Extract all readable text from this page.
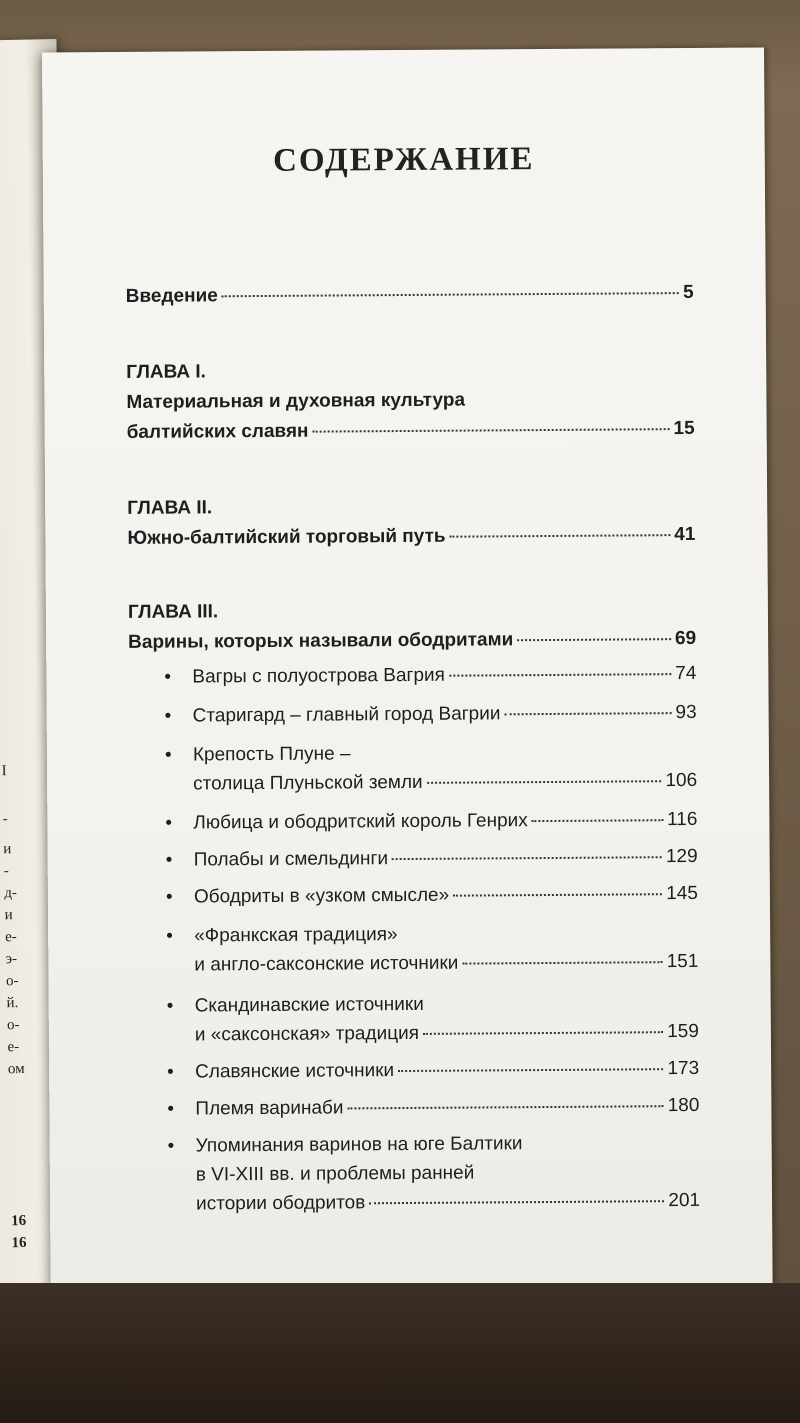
I
-
и
-
д-
и
е-
э-
о-
й.
о-
е-
ом
16
16
СОДЕРЖАНИЕ
Введение	5
ГЛАВА I.
Материальная и духовная культура
балтийских славян	15
ГЛАВА II.
Южно-балтийский торговый путь	41
ГЛАВА III.
Варины, которых называли ободритами	69
• Вагры с полуострова Вагрия	74
• Старигард – главный город Вагрии	93
• Крепость Плуне –
столица Плуньской земли	106
• Любица и ободритский король Генрих	116
• Полабы и смельдинги	129
• Ободриты в «узком смысле»	145
• «Франкская традиция»
и англо-саксонские источники	151
• Скандинавские источники
и «саксонская» традиция	159
• Славянские источники	173
• Племя варинаби	180
• Упоминания варинов на юге Балтики
в VI-XIII вв. и проблемы ранней
истории ободритов	201
